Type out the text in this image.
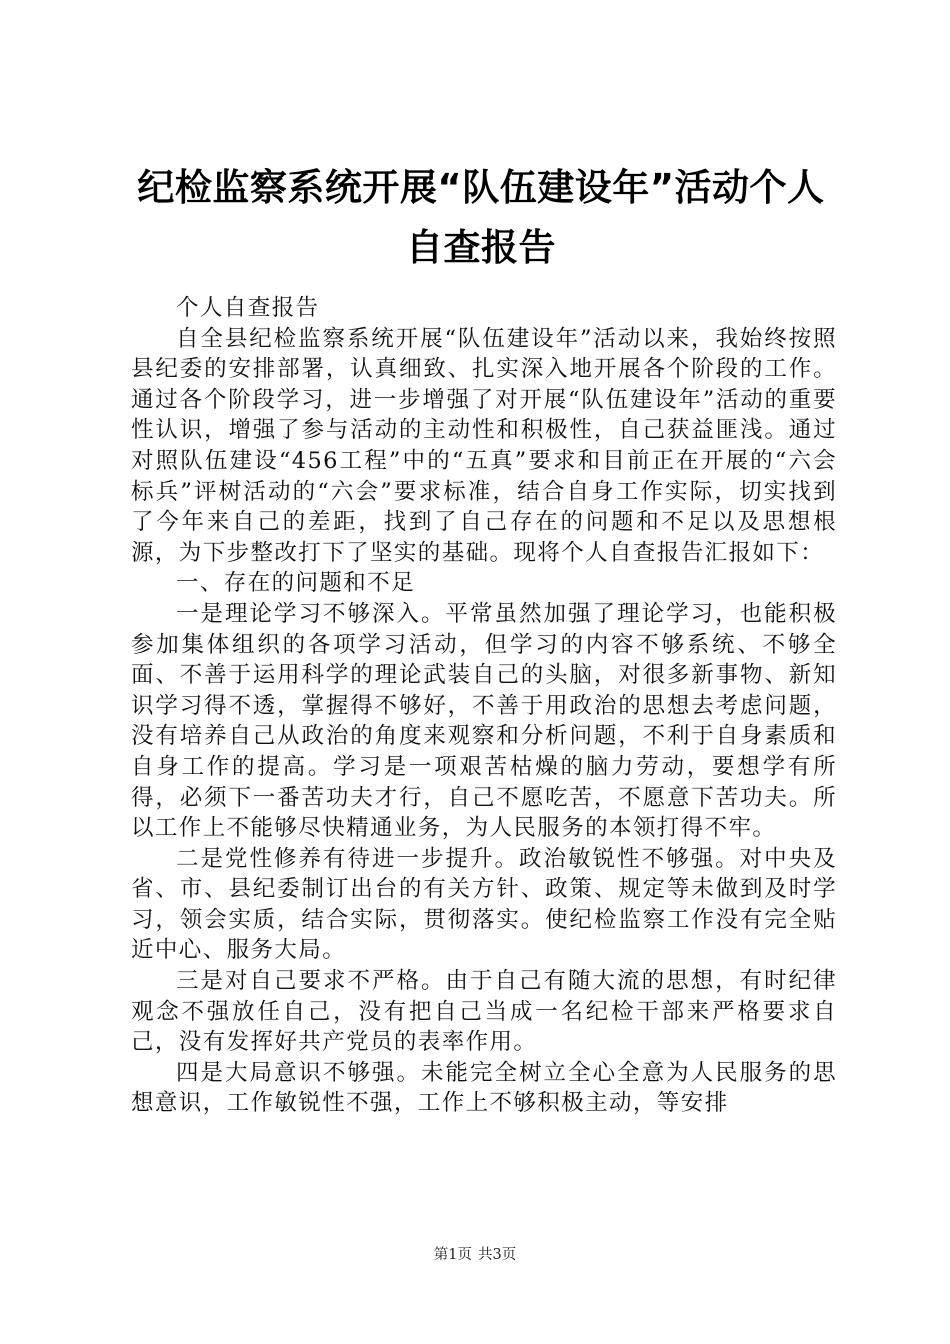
纪检监察系统开展“队伍建设年”活动个人自查报告

个人自查报告

自全县纪检监察系统开展“队伍建设年”活动以来，我始终按照县纪委的安排部署，认真细致、扎实深入地开展各个阶段的工作。通过各个阶段学习，进一步增强了对开展“队伍建设年”活动的重要性认识，增强了参与活动的主动性和积极性，自己获益匪浅。通过对照队伍建设“456工程”中的“五真”要求和目前正在开展的“六会标兵”评树活动的“六会”要求标准，结合自身工作实际，切实找到了今年来自己的差距，找到了自己存在的问题和不足以及思想根源，为下步整改打下了坚实的基础。现将个人自查报告汇报如下：

一、存在的问题和不足

一是理论学习不够深入。平常虽然加强了理论学习，也能积极参加集体组织的各项学习活动，但学习的内容不够系统、不够全面、不善于运用科学的理论武装自己的头脑，对很多新事物、新知识学习得不透，掌握得不够好，不善于用政治的思想去考虑问题，没有培养自己从政治的角度来观察和分析问题，不利于自身素质和自身工作的提高。学习是一项艰苦枯燥的脑力劳动，要想学有所得，必须下一番苦功夫才行，自己不愿吃苦，不愿意下苦功夫。所以工作上不能够尽快精通业务，为人民服务的本领打得不牢。

二是党性修养有待进一步提升。政治敏锐性不够强。对中央及省、市、县纪委制订出台的有关方针、政策、规定等未做到及时学习，领会实质，结合实际，贯彻落实。使纪检监察工作没有完全贴近中心、服务大局。

三是对自己要求不严格。由于自己有随大流的思想，有时纪律观念不强放任自己，没有把自己当成一名纪检干部来严格要求自己，没有发挥好共产党员的表率作用。

四是大局意识不够强。未能完全树立全心全意为人民服务的思想意识，工作敏锐性不强，工作上不够积极主动，等安排

第1页 共3页
